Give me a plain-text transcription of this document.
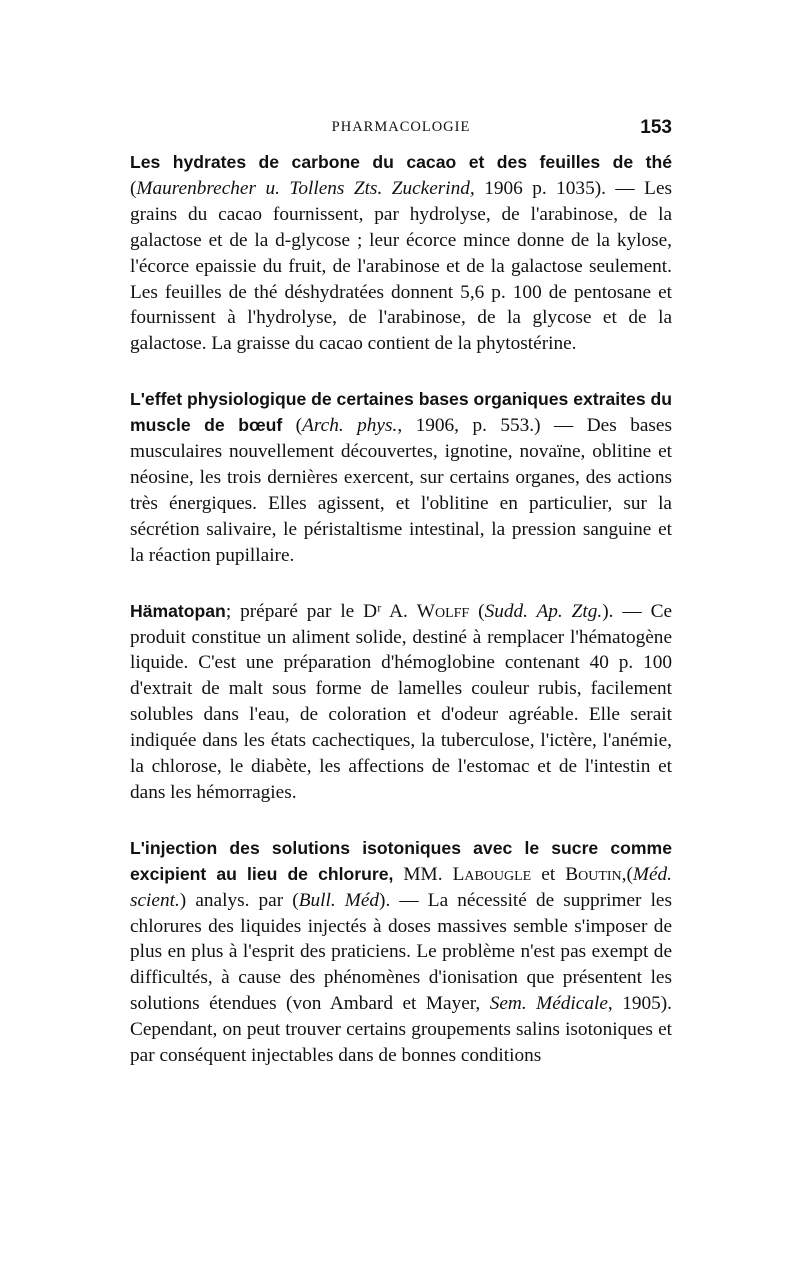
PHARMACOLOGIE	153

Les hydrates de carbone du cacao et des feuilles de thé (Maurenbrecher u. Tollens Zts. Zuckerind, 1906 p. 1035). — Les grains du cacao fournissent, par hydrolyse, de l'arabinose, de la galactose et de la d-glycose ; leur écorce mince donne de la kylose, l'écorce epaissie du fruit, de l'arabinose et de la galactose seulement. Les feuilles de thé déshydratées donnent 5,6 p. 100 de pentosane et fournissent à l'hydrolyse, de l'arabinose, de la glycose et de la galactose. La graisse du cacao contient de la phytostérine.

L'effet physiologique de certaines bases organiques extraites du muscle de bœuf (Arch. phys., 1906, p. 553.) — Des bases musculaires nouvellement découvertes, ignotine, novaïne, oblitine et néosine, les trois dernières exercent, sur certains organes, des actions très énergiques. Elles agissent, et l'oblitine en particulier, sur la sécrétion salivaire, le péristaltisme intestinal, la pression sanguine et la réaction pupillaire.

Hämatopan; préparé par le Dʳ A. Wolff (Sudd. Ap. Ztg.). — Ce produit constitue un aliment solide, destiné à remplacer l'hématogène liquide. C'est une préparation d'hémoglobine contenant 40 p. 100 d'extrait de malt sous forme de lamelles couleur rubis, facilement solubles dans l'eau, de coloration et d'odeur agréable. Elle serait indiquée dans les états cachectiques, la tuberculose, l'ictère, l'anémie, la chlorose, le diabète, les affections de l'estomac et de l'intestin et dans les hémorragies.

L'injection des solutions isotoniques avec le sucre comme excipient au lieu de chlorure, MM. Labougle et Boutin,(Méd. scient.) analys. par (Bull. Méd). — La nécessité de supprimer les chlorures des liquides injectés à doses massives semble s'imposer de plus en plus à l'esprit des praticiens. Le problème n'est pas exempt de difficultés, à cause des phénomènes d'ionisation que présentent les solutions étendues (von Ambard et Mayer, Sem. Médicale, 1905). Cependant, on peut trouver certains groupements salins isotoniques et par conséquent injectables dans de bonnes conditions
